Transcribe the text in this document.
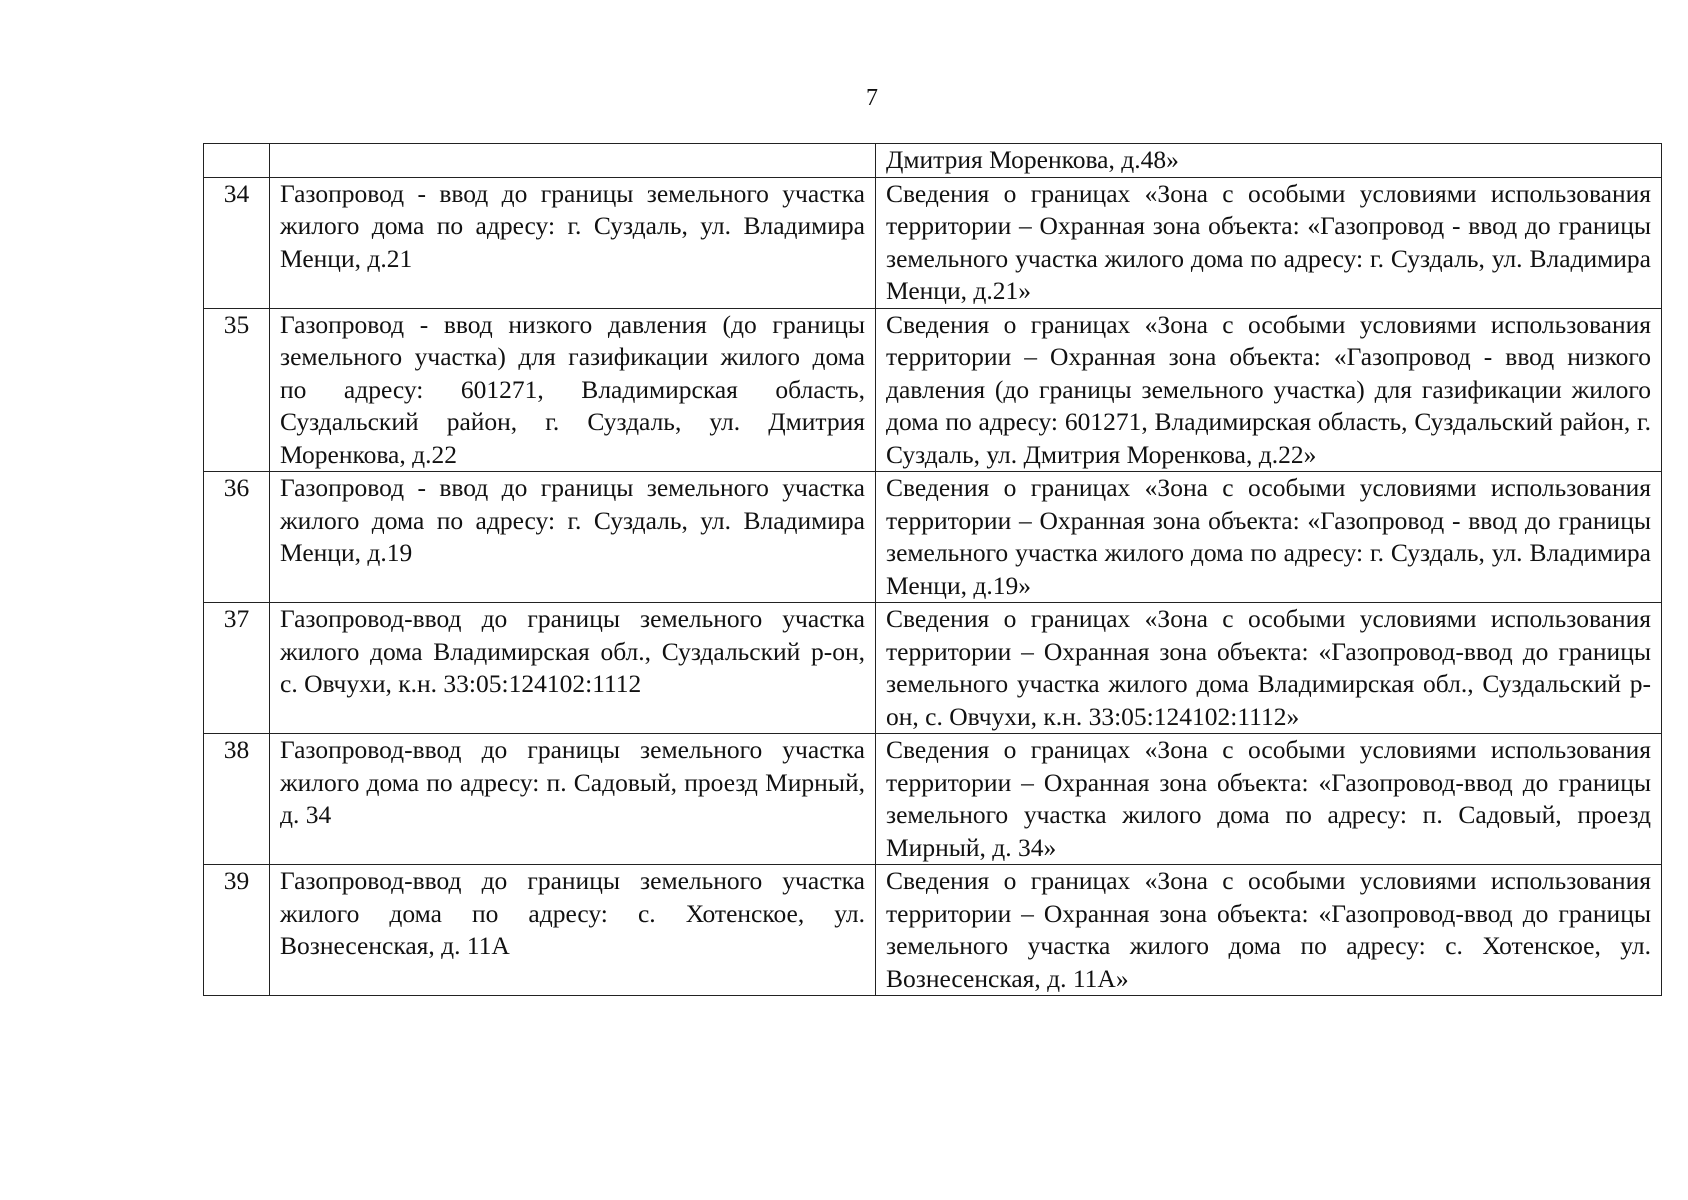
7
		Дмитрия Моренкова, д.48»
34	Газопровод - ввод до границы земельного участка жилого дома по адресу: г. Суздаль, ул. Владимира Менци, д.21	Сведения о границах «Зона с особыми условиями использования территории – Охранная зона объекта: «Газопровод - ввод до границы земельного участка жилого дома по адресу: г. Суздаль, ул. Владимира Менци, д.21»
35	Газопровод - ввод низкого давления (до границы земельного участка) для газификации жилого дома по адресу: 601271, Владимирская область, Суздальский район, г. Суздаль, ул. Дмитрия Моренкова, д.22	Сведения о границах «Зона с особыми условиями использования территории – Охранная зона объекта: «Газопровод - ввод низкого давления (до границы земельного участка) для газификации жилого дома по адресу: 601271, Владимирская область, Суздальский район, г. Суздаль, ул. Дмитрия Моренкова, д.22»
36	Газопровод - ввод до границы земельного участка жилого дома по адресу: г. Суздаль, ул. Владимира Менци, д.19	Сведения о границах «Зона с особыми условиями использования территории – Охранная зона объекта: «Газопровод - ввод до границы земельного участка жилого дома по адресу: г. Суздаль, ул. Владимира Менци, д.19»
37	Газопровод-ввод до границы земельного участка жилого дома Владимирская обл., Суздальский р-он, с. Овчухи, к.н. 33:05:124102:1112	Сведения о границах «Зона с особыми условиями использования территории – Охранная зона объекта: «Газопровод-ввод до границы земельного участка жилого дома Владимирская обл., Суздальский р-он, с. Овчухи, к.н. 33:05:124102:1112»
38	Газопровод-ввод до границы земельного участка жилого дома по адресу: п. Садовый, проезд Мирный, д. 34	Сведения о границах «Зона с особыми условиями использования территории – Охранная зона объекта: «Газопровод-ввод до границы земельного участка жилого дома по адресу: п. Садовый, проезд Мирный, д. 34»
39	Газопровод-ввод до границы земельного участка жилого дома по адресу: с. Хотенское, ул. Вознесенская, д. 11А	Сведения о границах «Зона с особыми условиями использования территории – Охранная зона объекта: «Газопровод-ввод до границы земельного участка жилого дома по адресу: с. Хотенское, ул. Вознесенская, д. 11А»
